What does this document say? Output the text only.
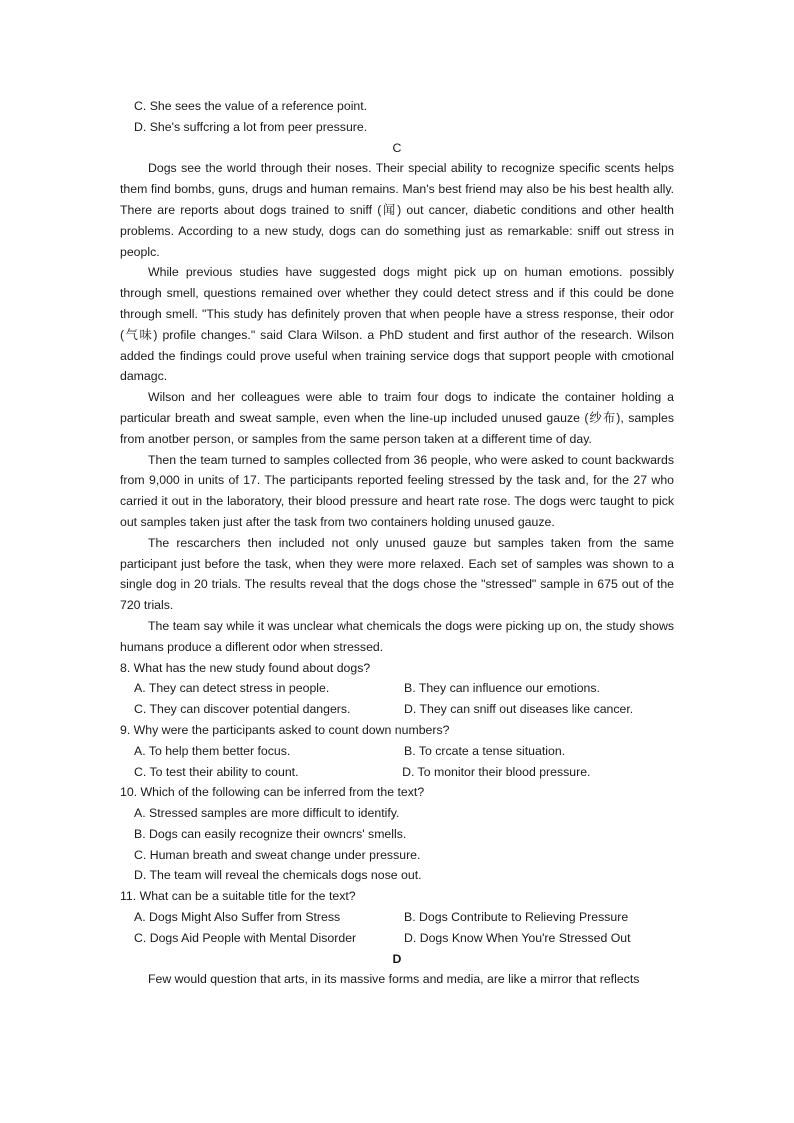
C. She sees the value of a reference point.

D. She's suffcring a lot from peer pressure.

C

Dogs see the world through their noses. Their special ability to recognize specific scents helps them find bombs, guns, drugs and human remains. Man's best friend may also be his best health ally. There are reports about dogs trained to sniff (闻) out cancer, diabetic conditions and other health problems. According to a new study, dogs can do something just as remarkable: sniff out stress in peoplc.

While previous studies have suggested dogs might pick up on human emotions. possibly through smell, questions remained over whether they could detect stress and if this could be done through smell. "This study has definitely proven that when people have a stress response, their odor (气味) profile changes." said Clara Wilson. a PhD student and first author of the research. Wilson added the findings could prove useful when training service dogs that support people with cmotional damagc.

Wilson and her colleagues were able to traim four dogs to indicate the container holding a particular breath and sweat sample, even when the line-up included unused gauze (纱布), samples from anotber person, or samples from the same person taken at a different time of day.

Then the team turned to samples collected from 36 people, who were asked to count backwards from 9,000 in units of 17. The participants reported feeling stressed by the task and, for the 27 who carried it out in the laboratory, their blood pressure and heart rate rose. The dogs werc taught to pick out samples taken just after the task from two containers holding unused gauze.

The rescarchers then included not only unused gauze but samples taken from the same participant just before the task, when they were more relaxed. Each set of samples was shown to a single dog in 20 trials. The results reveal that the dogs chose the "stressed" sample in 675 out of the 720 trials.

The team say while it was unclear what chemicals the dogs were picking up on, the study shows humans produce a diflerent odor when stressed.

8. What has the new study found about dogs?

A. They can detect stress in people.	B. They can influence our emotions.
C. They can discover potential dangers.	D. They can sniff out diseases like cancer.

9. Why were the participants asked to count down numbers?

A. To help them better focus.	B. To crcate a tense situation.
C. To test their ability to count.	D. To monitor their blood pressure.

10. Which of the following can be inferred from the text?

A. Stressed samples are more difficult to identify.

B. Dogs can easily recognize their owncrs' smells.

C. Human breath and sweat change under pressure.

D. The team will reveal the chemicals dogs nose out.

11. What can be a suitable title for the text?

A. Dogs Might Also Suffer from Stress	B. Dogs Contribute to Relieving Pressure
C. Dogs Aid People with Mental Disorder	D. Dogs Know When You're Stressed Out

D

Few would question that arts, in its massive forms and media, are like a mirror that reflects
